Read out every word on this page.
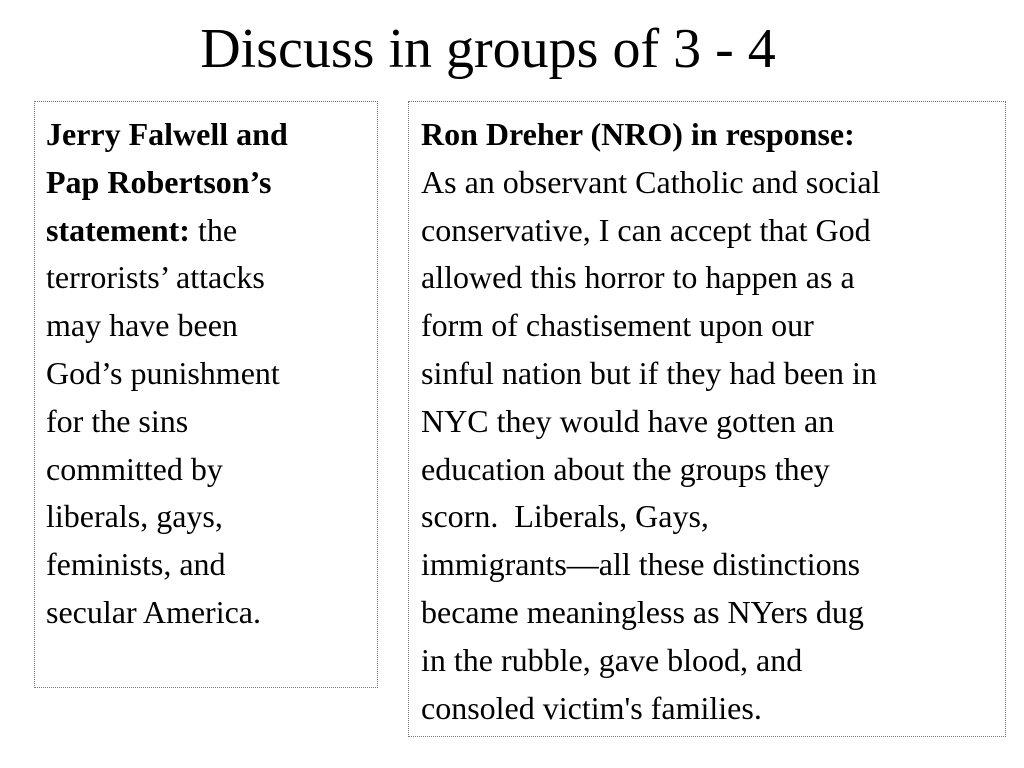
Discuss in groups of 3 - 4
Jerry Falwell and
Pap Robertson’s
statement: the
terrorists’ attacks
may have been
God’s punishment
for the sins
committed by
liberals, gays,
feminists, and
secular America.
Ron Dreher (NRO) in response:
As an observant Catholic and social
conservative, I can accept that God
allowed this horror to happen as a
form of chastisement upon our
sinful nation but if they had been in
NYC they would have gotten an
education about the groups they
scorn.  Liberals, Gays,
immigrants—all these distinctions
became meaningless as NYers dug
in the rubble, gave blood, and
consoled victim's families.
